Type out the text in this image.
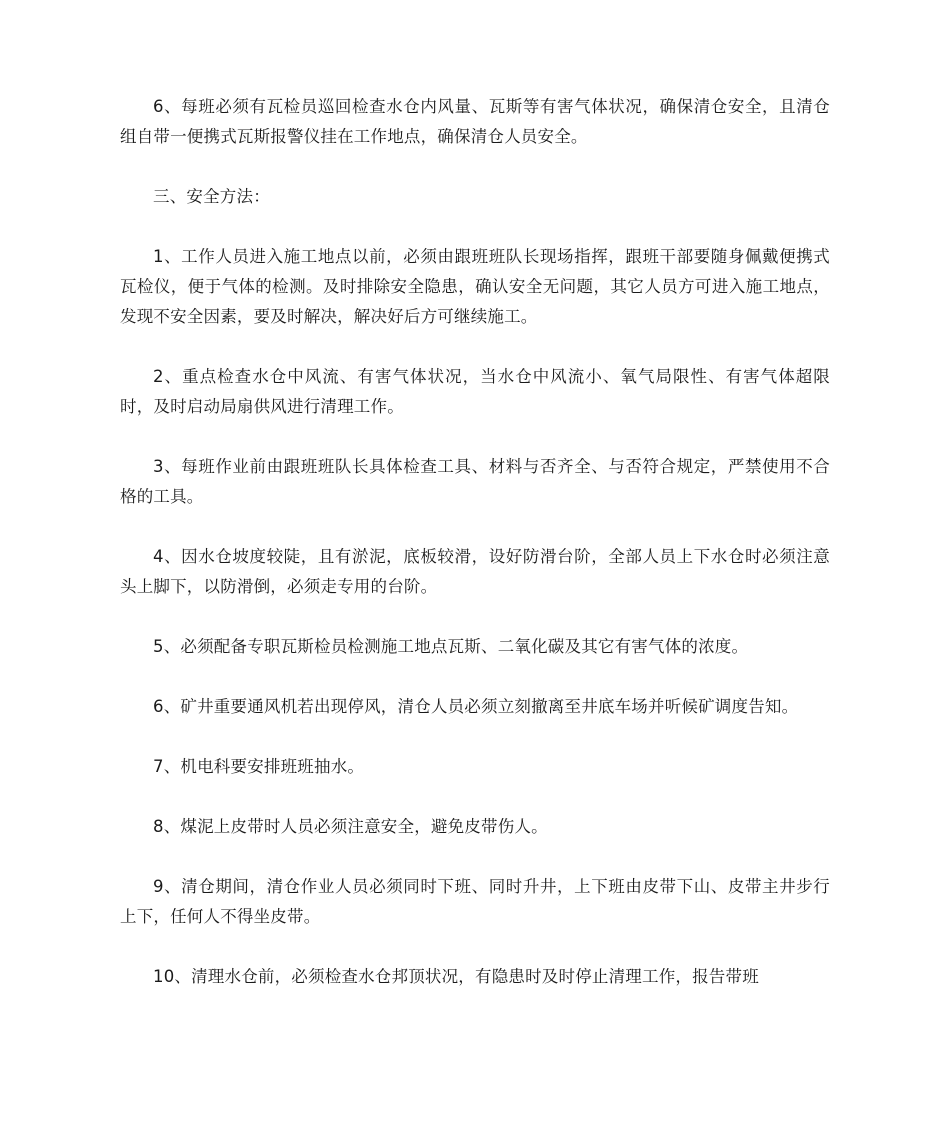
6、每班必须有瓦检员巡回检查水仓内风量、瓦斯等有害气体状况，确保清仓安全，且清仓组自带一便携式瓦斯报警仪挂在工作地点，确保清仓人员安全。

三、安全方法：

1、工作人员进入施工地点以前，必须由跟班班队长现场指挥，跟班干部要随身佩戴便携式瓦检仪，便于气体的检测。及时排除安全隐患，确认安全无问题，其它人员方可进入施工地点，发现不安全因素，要及时解决，解决好后方可继续施工。

2、重点检查水仓中风流、有害气体状况，当水仓中风流小、氧气局限性、有害气体超限时，及时启动局扇供风进行清理工作。

3、每班作业前由跟班班队长具体检查工具、材料与否齐全、与否符合规定，严禁使用不合格的工具。

4、因水仓坡度较陡，且有淤泥，底板较滑，设好防滑台阶，全部人员上下水仓时必须注意头上脚下，以防滑倒，必须走专用的台阶。

5、必须配备专职瓦斯检员检测施工地点瓦斯、二氧化碳及其它有害气体的浓度。

6、矿井重要通风机若出现停风，清仓人员必须立刻撤离至井底车场并听候矿调度告知。

7、机电科要安排班班抽水。

8、煤泥上皮带时人员必须注意安全，避免皮带伤人。

9、清仓期间，清仓作业人员必须同时下班、同时升井，上下班由皮带下山、皮带主井步行上下，任何人不得坐皮带。

10、清理水仓前，必须检查水仓邦顶状况，有隐患时及时停止清理工作，报告带班
